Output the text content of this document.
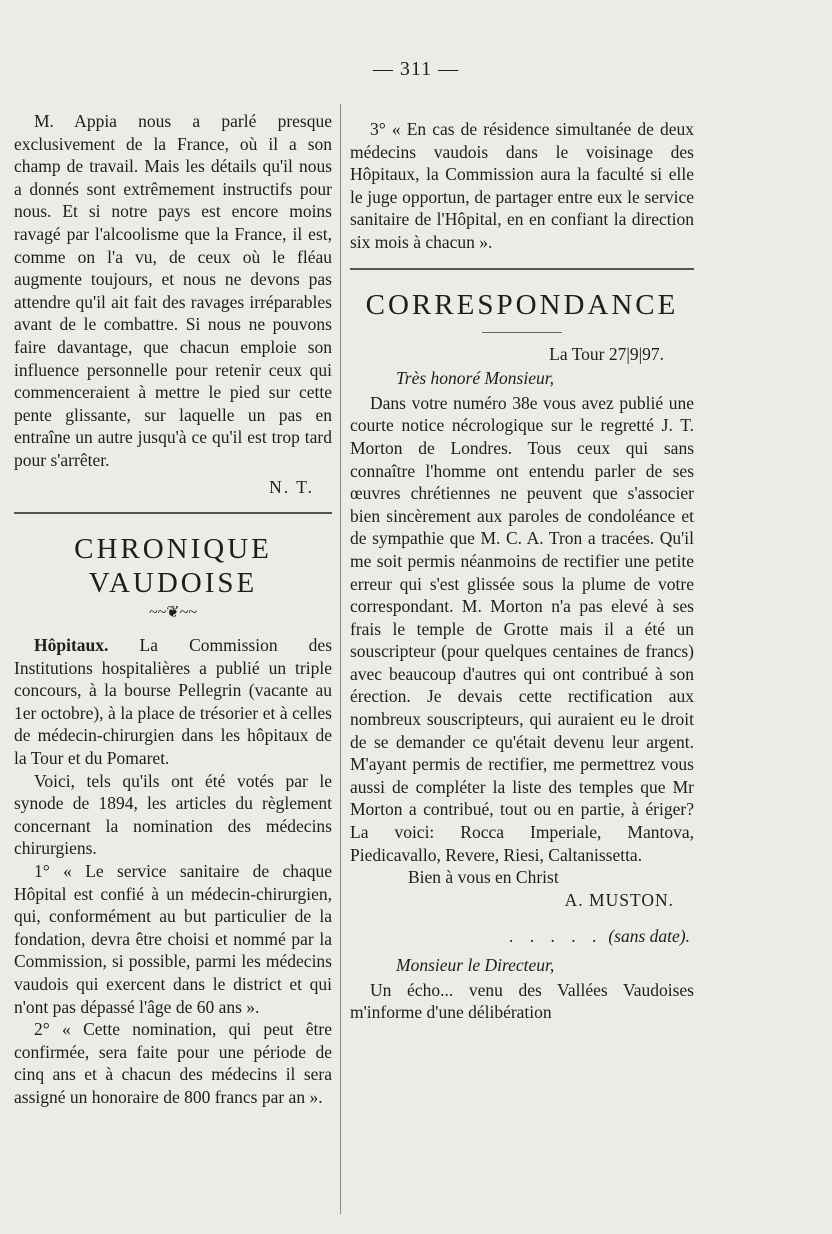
— 311 —

M. Appia nous a parlé presque exclusivement de la France, où il a son champ de travail. Mais les détails qu'il nous a donnés sont extrêmement instructifs pour nous. Et si notre pays est encore moins ravagé par l'alcoolisme que la France, il est, comme on l'a vu, de ceux où le fléau augmente toujours, et nous ne devons pas attendre qu'il ait fait des ravages irréparables avant de le combattre. Si nous ne pouvons faire davantage, que chacun emploie son influence personnelle pour retenir ceux qui commenceraient à mettre le pied sur cette pente glissante, sur laquelle un pas en entraîne un autre jusqu'à ce qu'il est trop tard pour s'arrêter.

N. T.

CHRONIQUE VAUDOISE
~~❦~~

Hôpitaux. La Commission des Institutions hospitalières a publié un triple concours, à la bourse Pellegrin (vacante au 1er octobre), à la place de trésorier et à celles de médecin-chirurgien dans les hôpitaux de la Tour et du Pomaret.

Voici, tels qu'ils ont été votés par le synode de 1894, les articles du règlement concernant la nomination des médecins chirurgiens.

1° « Le service sanitaire de chaque Hôpital est confié à un médecin-chirurgien, qui, conformément au but particulier de la fondation, devra être choisi et nommé par la Commission, si possible, parmi les médecins vaudois qui exercent dans le district et qui n'ont pas dépassé l'âge de 60 ans ».

2° « Cette nomination, qui peut être confirmée, sera faite pour une période de cinq ans et à chacun des médecins il sera assigné un honoraire de 800 francs par an ».

3° « En cas de résidence simultanée de deux médecins vaudois dans le voisinage des Hôpitaux, la Commission aura la faculté si elle le juge opportun, de partager entre eux le service sanitaire de l'Hôpital, en en confiant la direction six mois à chacun ».

CORRESPONDANCE

La Tour 27|9|97.

Très honoré Monsieur,

Dans votre numéro 38e vous avez publié une courte notice nécrologique sur le regretté J. T. Morton de Londres. Tous ceux qui sans connaître l'homme ont entendu parler de ses œuvres chrétiennes ne peuvent que s'associer bien sincèrement aux paroles de condoléance et de sympathie que M. C. A. Tron a tracées. Qu'il me soit permis néanmoins de rectifier une petite erreur qui s'est glissée sous la plume de votre correspondant. M. Morton n'a pas elevé à ses frais le temple de Grotte mais il a été un souscripteur (pour quelques centaines de francs) avec beaucoup d'autres qui ont contribué à son érection. Je devais cette rectification aux nombreux souscripteurs, qui auraient eu le droit de se demander ce qu'était devenu leur argent. M'ayant permis de rectifier, me permettrez vous aussi de compléter la liste des temples que Mr Morton a contribué, tout ou en partie, à ériger? La voici: Rocca Imperiale, Mantova, Piedicavallo, Revere, Riesi, Caltanissetta.

Bien à vous en Christ

A. MUSTON.

. . . . . (sans date).

Monsieur le Directeur,

Un écho... venu des Vallées Vaudoises m'informe d'une délibération
